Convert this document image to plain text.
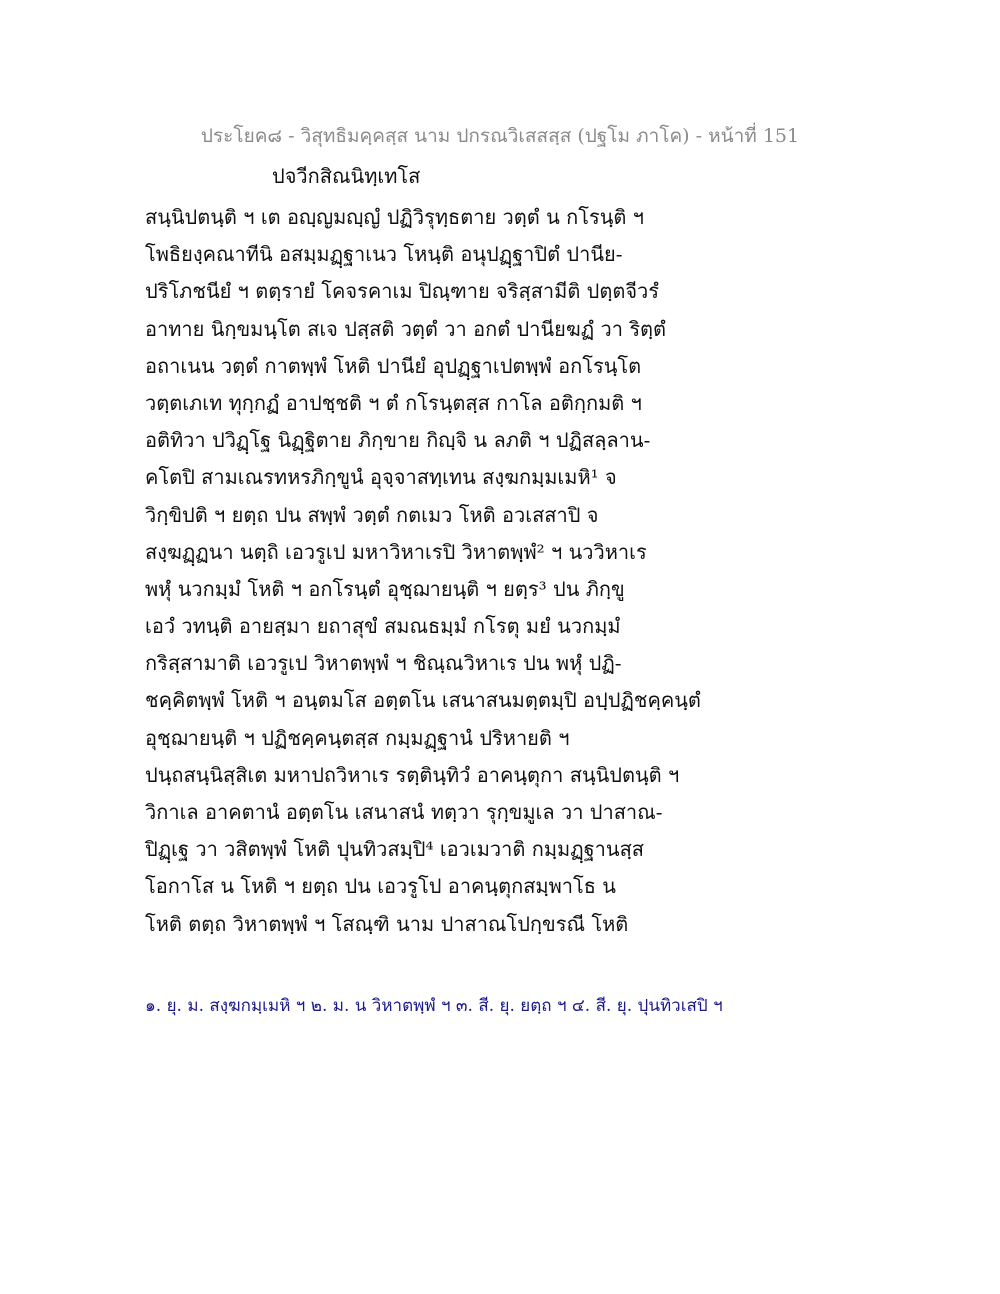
ประโยค๘ - วิสุทธิมคฺคสฺส นาม ปกรณวิเสสสฺส (ปฐโม ภาโค) - หน้าที่ 151
ปจวีกสิณนิทฺเทโส
สนฺนิปตนฺติ ฯ เต อญฺญมญฺญํ ปฏิวิรุทฺธตาย วตฺตํ น กโรนฺติ ฯ
โพธิยงฺคณาทีนิ อสมฺมฏฺฐาเนว โหนฺติ อนุปฏฺฐาปิตํ ปานีย-
ปริโภชนียํ ฯ ตตฺรายํ โคจรคาเม ปิณฺฑาย จริสฺสามีติ ปตฺตจีวรํ
อาทาย นิกฺขมนฺโต สเจ ปสฺสติ วตฺตํ วา อกตํ ปานียฆฏํ วา ริตฺตํ
อถาเนน วตฺตํ กาตพฺพํ โหติ ปานียํ อุปฏฺฐาเปตพฺพํ อกโรนฺโต
วตฺตเภเท ทุกฺกฏํ อาปชฺชติ ฯ ตํ กโรนฺตสฺส กาโล อติกฺกมติ ฯ
อติทิวา ปวิฏฺโฐ นิฏฺฐิตาย ภิกฺขาย กิญฺจิ น ลภติ ฯ ปฏิสลฺลาน-
คโตปิ สามเณรทหรภิกฺขูนํ อุจฺจาสทฺเทน สงฺฆกมฺมเมหิ¹ จ
วิกฺขิปติ ฯ ยตฺถ ปน สพฺพํ วตฺตํ กตเมว โหติ อวเสสาปิ จ
สงฺฆฏฺฏนา นตฺถิ เอวรูเป มหาวิหาเรปิ วิหาตพฺพํ² ฯ นววิหาเร
พหุํ นวกมฺมํ โหติ ฯ อกโรนฺตํ อุชฺฌายนฺติ ฯ ยตฺร³ ปน ภิกฺขู
เอวํ วทนฺติ อายสฺมา ยถาสุขํ สมณธมฺมํ กโรตุ มยํ นวกมฺมํ
กริสฺสามาติ เอวรูเป วิหาตพฺพํ ฯ ชิณฺณวิหาเร ปน พหุํ ปฏิ-
ชคฺคิตพฺพํ โหติ ฯ อนฺตมโส อตฺตโน เสนาสนมตฺตมฺปิ อปฺปฏิชคฺคนฺตํ
อุชฺฌายนฺติ ฯ ปฏิชคฺคนฺตสฺส กมฺมฏฺฐานํ ปริหายติ ฯ
ปนฺถสนฺนิสฺสิเต มหาปถวิหาเร รตฺตินฺทิวํ อาคนฺตุกา สนฺนิปตนฺติ ฯ
วิกาเล อาคตานํ อตฺตโน เสนาสนํ ทตฺวา รุกฺขมูเล วา ปาสาณ-
ปิฏฺเฐ วา วสิตพฺพํ โหติ ปุนทิวสมฺปิ⁴ เอวเมวาติ กมฺมฏฺฐานสฺส
โอกาโส น โหติ ฯ ยตฺถ ปน เอวรูโป อาคนฺตุกสมฺพาโธ น
โหติ ตตฺถ วิหาตพฺพํ ฯ โสณฺฑิ นาม ปาสาณโปกฺขรณี โหติ
๑. ยุ. ม. สงฺฆกมฺเมหิ ฯ ๒. ม. น วิหาตพฺพํ ฯ ๓. สี. ยุ. ยตฺถ ฯ ๔. สี. ยุ. ปุนทิวเสปิ ฯ
